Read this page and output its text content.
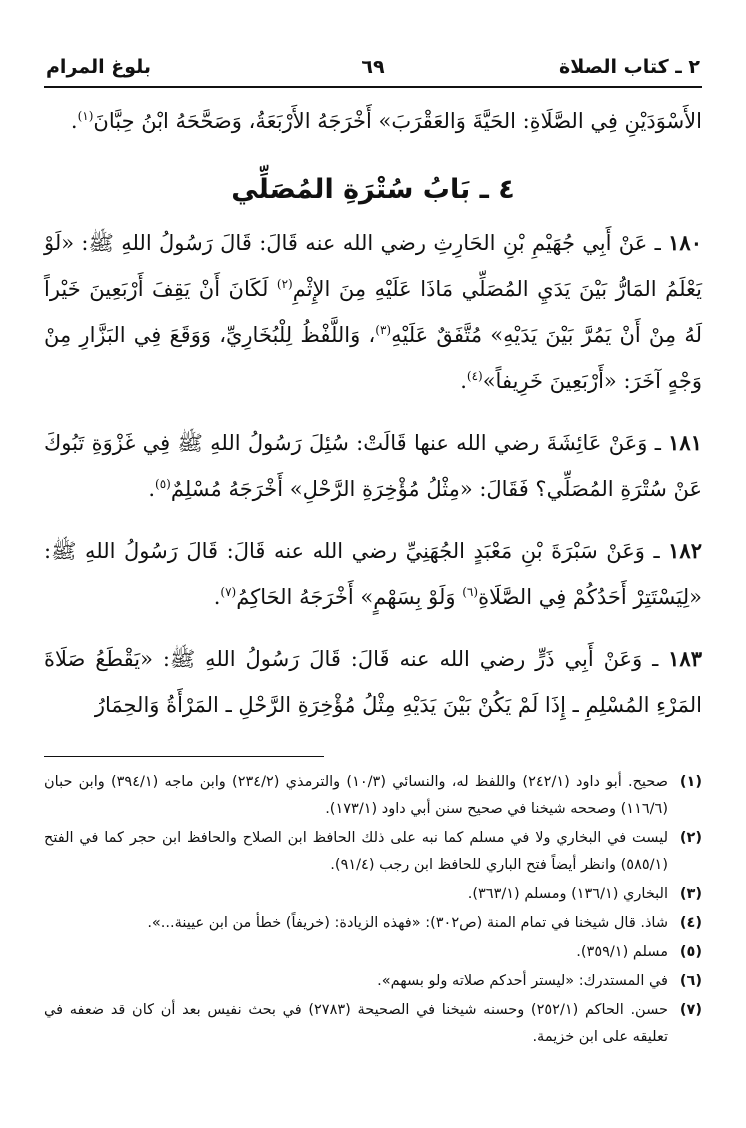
٢ ـ كتاب الصلاة
٦٩
بلوغ المرام

الأَسْوَدَيْنِ فِي الصَّلَاةِ: الحَيَّةَ وَالعَقْرَبَ» أَخْرَجَهُ الأَرْبَعَةُ، وَصَحَّحَهُ ابْنُ حِبَّانَ$^{(١)}$.

٤ ـ بَابُ سُتْرَةِ المُصَلِّي

١٨٠ ـ عَنْ أَبِي جُهَيْمِ بْنِ الحَارِثِ رضي الله عنه قَالَ: قَالَ رَسُولُ اللهِ ﷺ: «لَوْ يَعْلَمُ المَارُّ بَيْنَ يَدَيِ المُصَلِّي مَاذَا عَلَيْهِ مِنَ الإِثْمِ$^{(٢)}$ لَكَانَ أَنْ يَقِفَ أَرْبَعِينَ خَيْراً لَهُ مِنْ أَنْ يَمُرَّ بَيْنَ يَدَيْهِ» مُتَّفَقٌ عَلَيْهِ$^{(٣)}$، وَاللَّفْظُ لِلْبُخَارِيِّ، وَوَقَعَ فِي البَزَّارِ مِنْ وَجْهٍ آخَرَ: «أَرْبَعِينَ خَرِيفاً»$^{(٤)}$.

١٨١ ـ وَعَنْ عَائِشَةَ رضي الله عنها قَالَتْ: سُئِلَ رَسُولُ اللهِ ﷺ فِي غَزْوَةِ تَبُوكَ عَنْ سُتْرَةِ المُصَلِّي؟ فَقَالَ: «مِثْلُ مُؤْخِرَةِ الرَّحْلِ» أَخْرَجَهُ مُسْلِمٌ$^{(٥)}$.

١٨٢ ـ وَعَنْ سَبْرَةَ بْنِ مَعْبَدٍ الجُهَنِيِّ رضي الله عنه قَالَ: قَالَ رَسُولُ اللهِ ﷺ: «لِيَسْتَتِرْ أَحَدُكُمْ فِي الصَّلَاةِ$^{(٦)}$ وَلَوْ بِسَهْمٍ» أَخْرَجَهُ الحَاكِمُ$^{(٧)}$.

١٨٣ ـ وَعَنْ أَبِي ذَرٍّ رضي الله عنه قَالَ: قَالَ رَسُولُ اللهِ ﷺ: «يَقْطَعُ صَلَاةَ المَرْءِ المُسْلِمِ ـ إِذَا لَمْ يَكُنْ بَيْنَ يَدَيْهِ مِثْلُ مُؤْخِرَةِ الرَّحْلِ ـ المَرْأَةُ وَالحِمَارُ

(١)
صحيح. أبو داود (٢٤٢/١) واللفظ له، والنسائي (١٠/٣) والترمذي (٢٣٤/٢) وابن ماجه (٣٩٤/١) وابن حبان (١١٦/٦) وصححه شيخنا في صحيح سنن أبي داود (١٧٣/١).
(٢)
ليست في البخاري ولا في مسلم كما نبه على ذلك الحافظ ابن الصلاح والحافظ ابن حجر كما في الفتح (٥٨٥/١) وانظر أيضاً فتح الباري للحافظ ابن رجب (٩١/٤).
(٣)
البخاري (١٣٦/١) ومسلم (٣٦٣/١).
(٤)
شاذ. قال شيخنا في تمام المنة (ص٣٠٢): «فهذه الزيادة: (خريفاً) خطأ من ابن عيينة...».
(٥)
مسلم (٣٥٩/١).
(٦)
في المستدرك: «ليستر أحدكم صلاته ولو بسهم».
(٧)
حسن. الحاكم (٢٥٢/١) وحسنه شيخنا في الصحيحة (٢٧٨٣) في بحث نفيس بعد أن كان قد ضعفه في تعليقه على ابن خزيمة.
